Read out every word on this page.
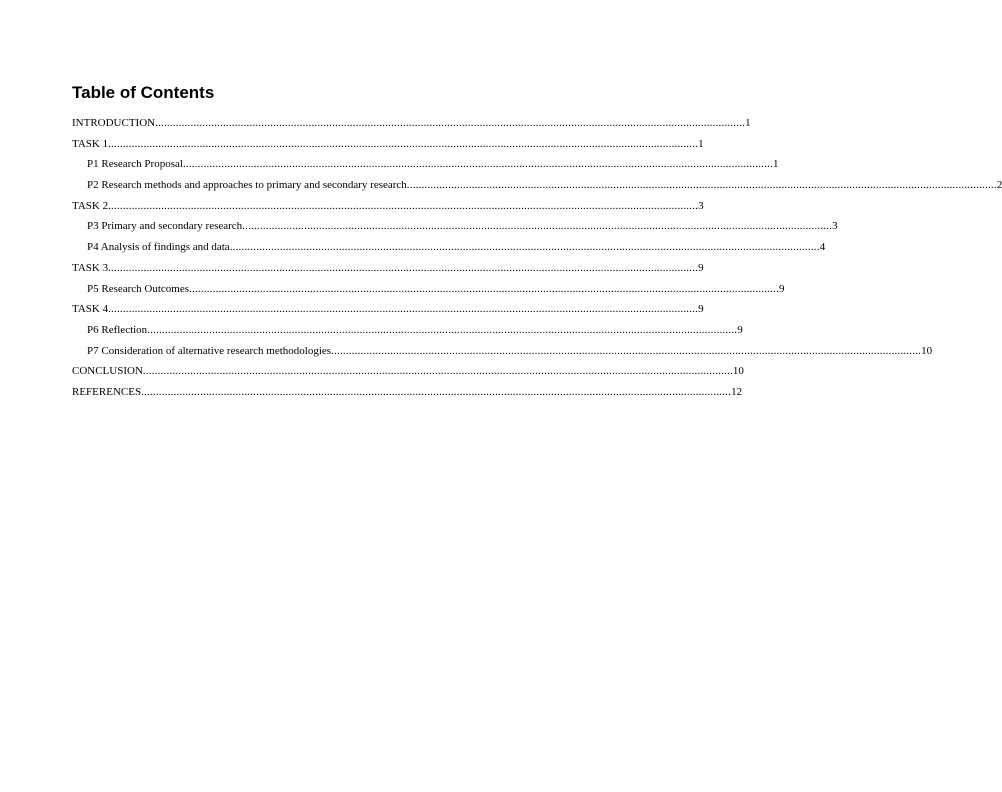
Table of Contents
INTRODUCTION ........................................................................................................................................................................................................ 1
TASK 1 ........................................................................................................................................................................................................ 1
P1 Research Proposal ........................................................................................................................................................................................................ 1
P2 Research methods and approaches to primary and secondary research ........................................................................................................................................................................................................ 2
TASK 2 ........................................................................................................................................................................................................ 3
P3 Primary and secondary research ........................................................................................................................................................................................................ 3
P4 Analysis of findings and data ........................................................................................................................................................................................................ 4
TASK 3 ........................................................................................................................................................................................................ 9
P5 Research Outcomes ........................................................................................................................................................................................................ 9
TASK 4 ........................................................................................................................................................................................................ 9
P6 Reflection ........................................................................................................................................................................................................ 9
P7 Consideration of alternative research methodologies ........................................................................................................................................................................................................ 10
CONCLUSION ........................................................................................................................................................................................................ 10
REFERENCES ........................................................................................................................................................................................................ 12
